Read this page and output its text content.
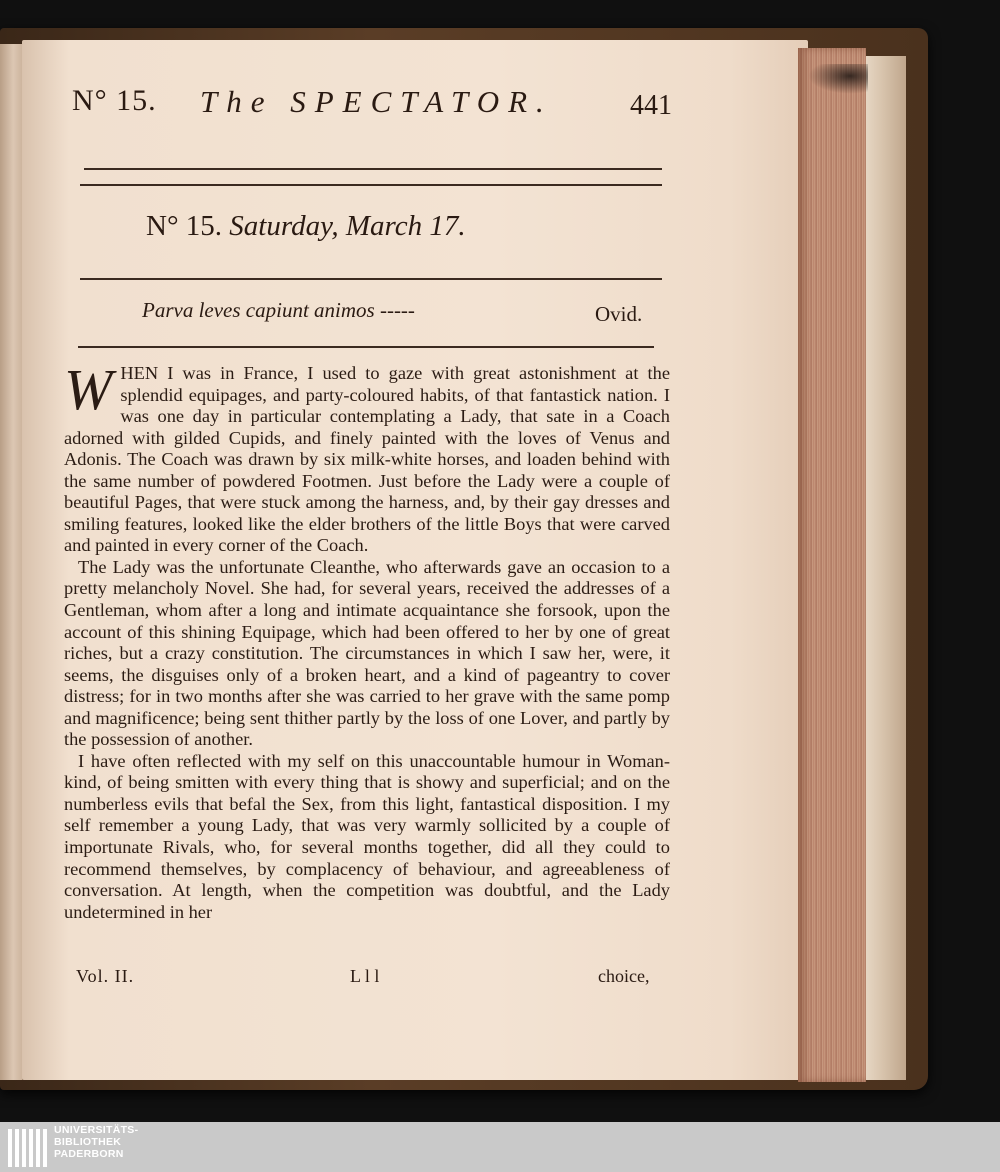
N° 15. The SPECTATOR.	441
N° 15. Saturday, March 17.
Parva leves capiunt animos -----	Ovid.

WHEN I was in France, I used to gaze with great astonishment at the splendid equipages, and party-coloured habits, of that fantastick nation. I was one day in particular contemplating a Lady, that sate in a Coach adorned with gilded Cupids, and finely painted with the loves of Venus and Adonis. The Coach was drawn by six milk-white horses, and loaden behind with the same number of powdered Footmen. Just before the Lady were a couple of beautiful Pages, that were stuck among the harness, and, by their gay dresses and smiling features, looked like the elder brothers of the little Boys that were carved and painted in every corner of the Coach.

The Lady was the unfortunate Cleanthe, who afterwards gave an occasion to a pretty melancholy Novel. She had, for several years, received the addresses of a Gentleman, whom after a long and intimate acquaintance she forsook, upon the account of this shining Equipage, which had been offered to her by one of great riches, but a crazy constitution. The circumstances in which I saw her, were, it seems, the disguises only of a broken heart, and a kind of pageantry to cover distress; for in two months after she was carried to her grave with the same pomp and magnificence; being sent thither partly by the loss of one Lover, and partly by the possession of another.

I have often reflected with my self on this unaccountable humour in Woman-kind, of being smitten with every thing that is showy and superficial; and on the numberless evils that befal the Sex, from this light, fantastical disposition. I my self remember a young Lady, that was very warmly sollicited by a couple of importunate Rivals, who, for several months together, did all they could to recommend themselves, by complacency of behaviour, and agreeableness of conversation. At length, when the competition was doubtful, and the Lady undetermined in her

Vol. II.	L l l	choice,
UNIVERSITÄTS-
BIBLIOTHEK
PADERBORN
